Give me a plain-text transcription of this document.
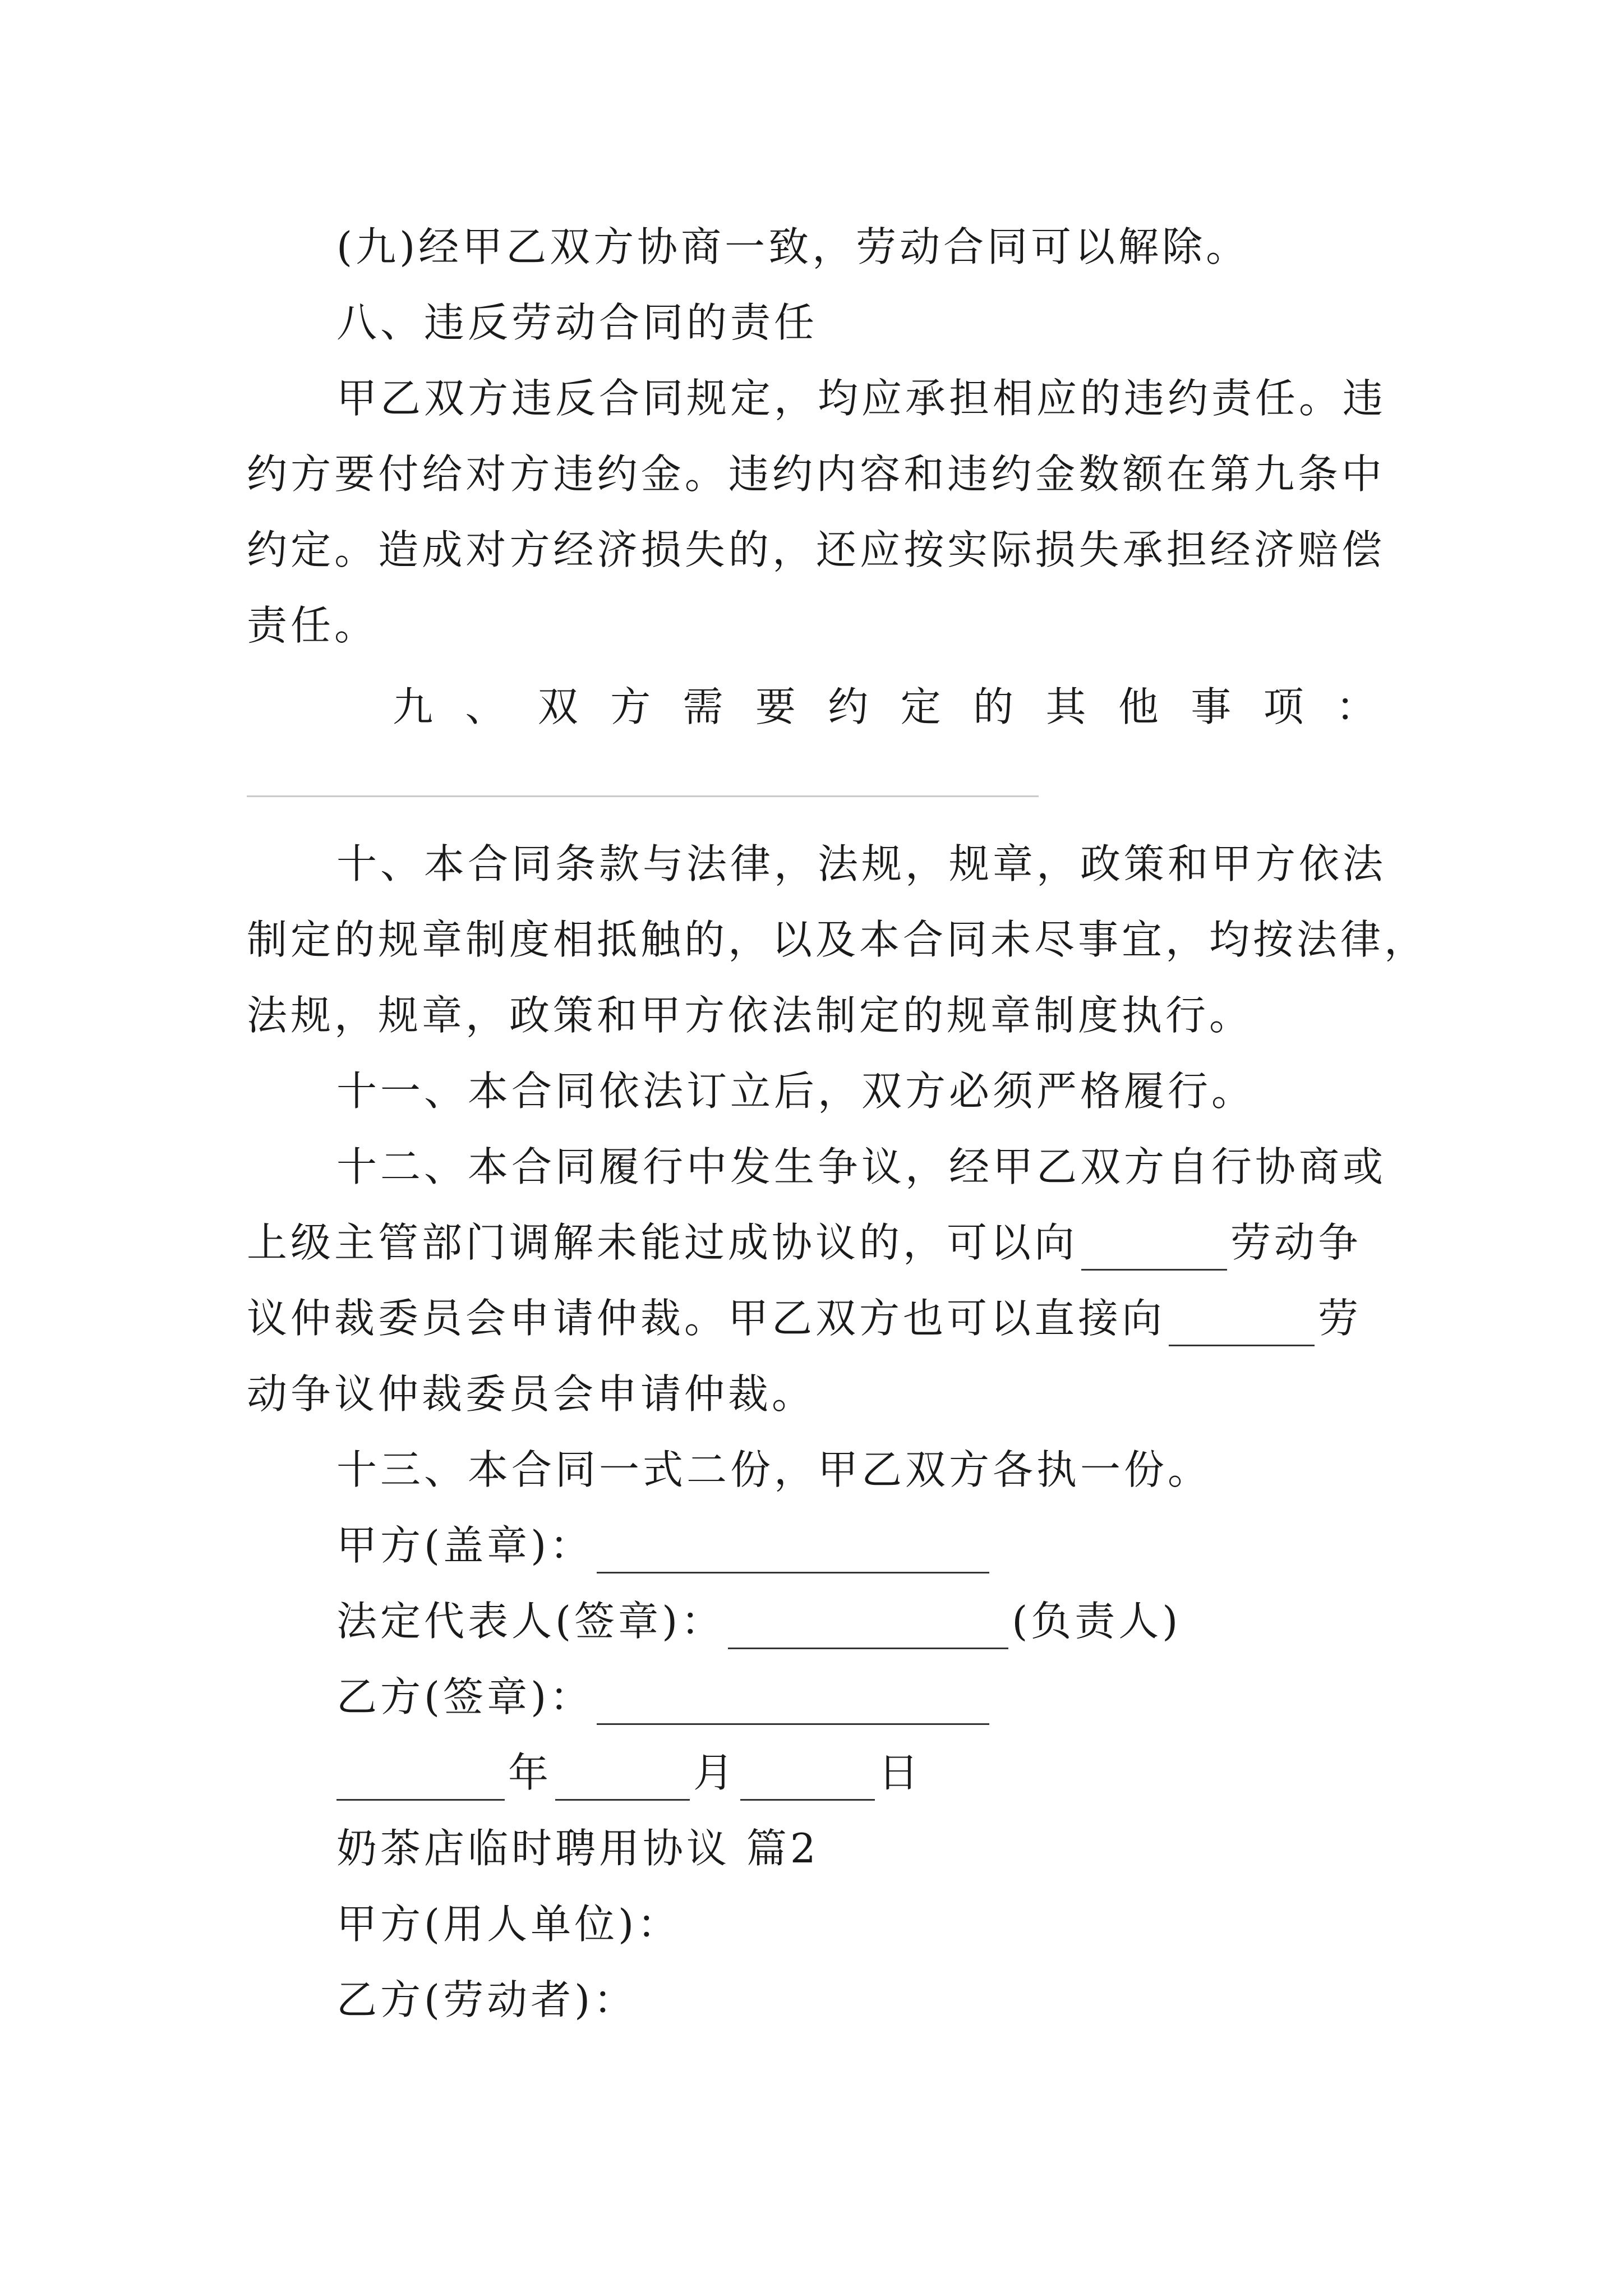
(九)经甲乙双方协商一致，劳动合同可以解除。
八、违反劳动合同的责任
甲乙双方违反合同规定，均应承担相应的违约责任。违
约方要付给对方违约金。违约内容和违约金数额在第九条中
约定。造成对方经济损失的，还应按实际损失承担经济赔偿
责任。
九、双方需要约定的其他事项：
十、本合同条款与法律，法规，规章，政策和甲方依法
制定的规章制度相抵触的，以及本合同未尽事宜，均按法律，
法规，规章，政策和甲方依法制定的规章制度执行。
十一、本合同依法订立后，双方必须严格履行。
十二、本合同履行中发生争议，经甲乙双方自行协商或
上级主管部门调解未能过成协议的，可以向	劳动争
议仲裁委员会申请仲裁。甲乙双方也可以直接向	劳
动争议仲裁委员会申请仲裁。
十三、本合同一式二份，甲乙双方各执一份。
甲方(盖章)：
法定代表人(签章)：	(负责人)
乙方(签章)：
年	月	日
奶茶店临时聘用协议 篇2
甲方(用人单位)：
乙方(劳动者)：
